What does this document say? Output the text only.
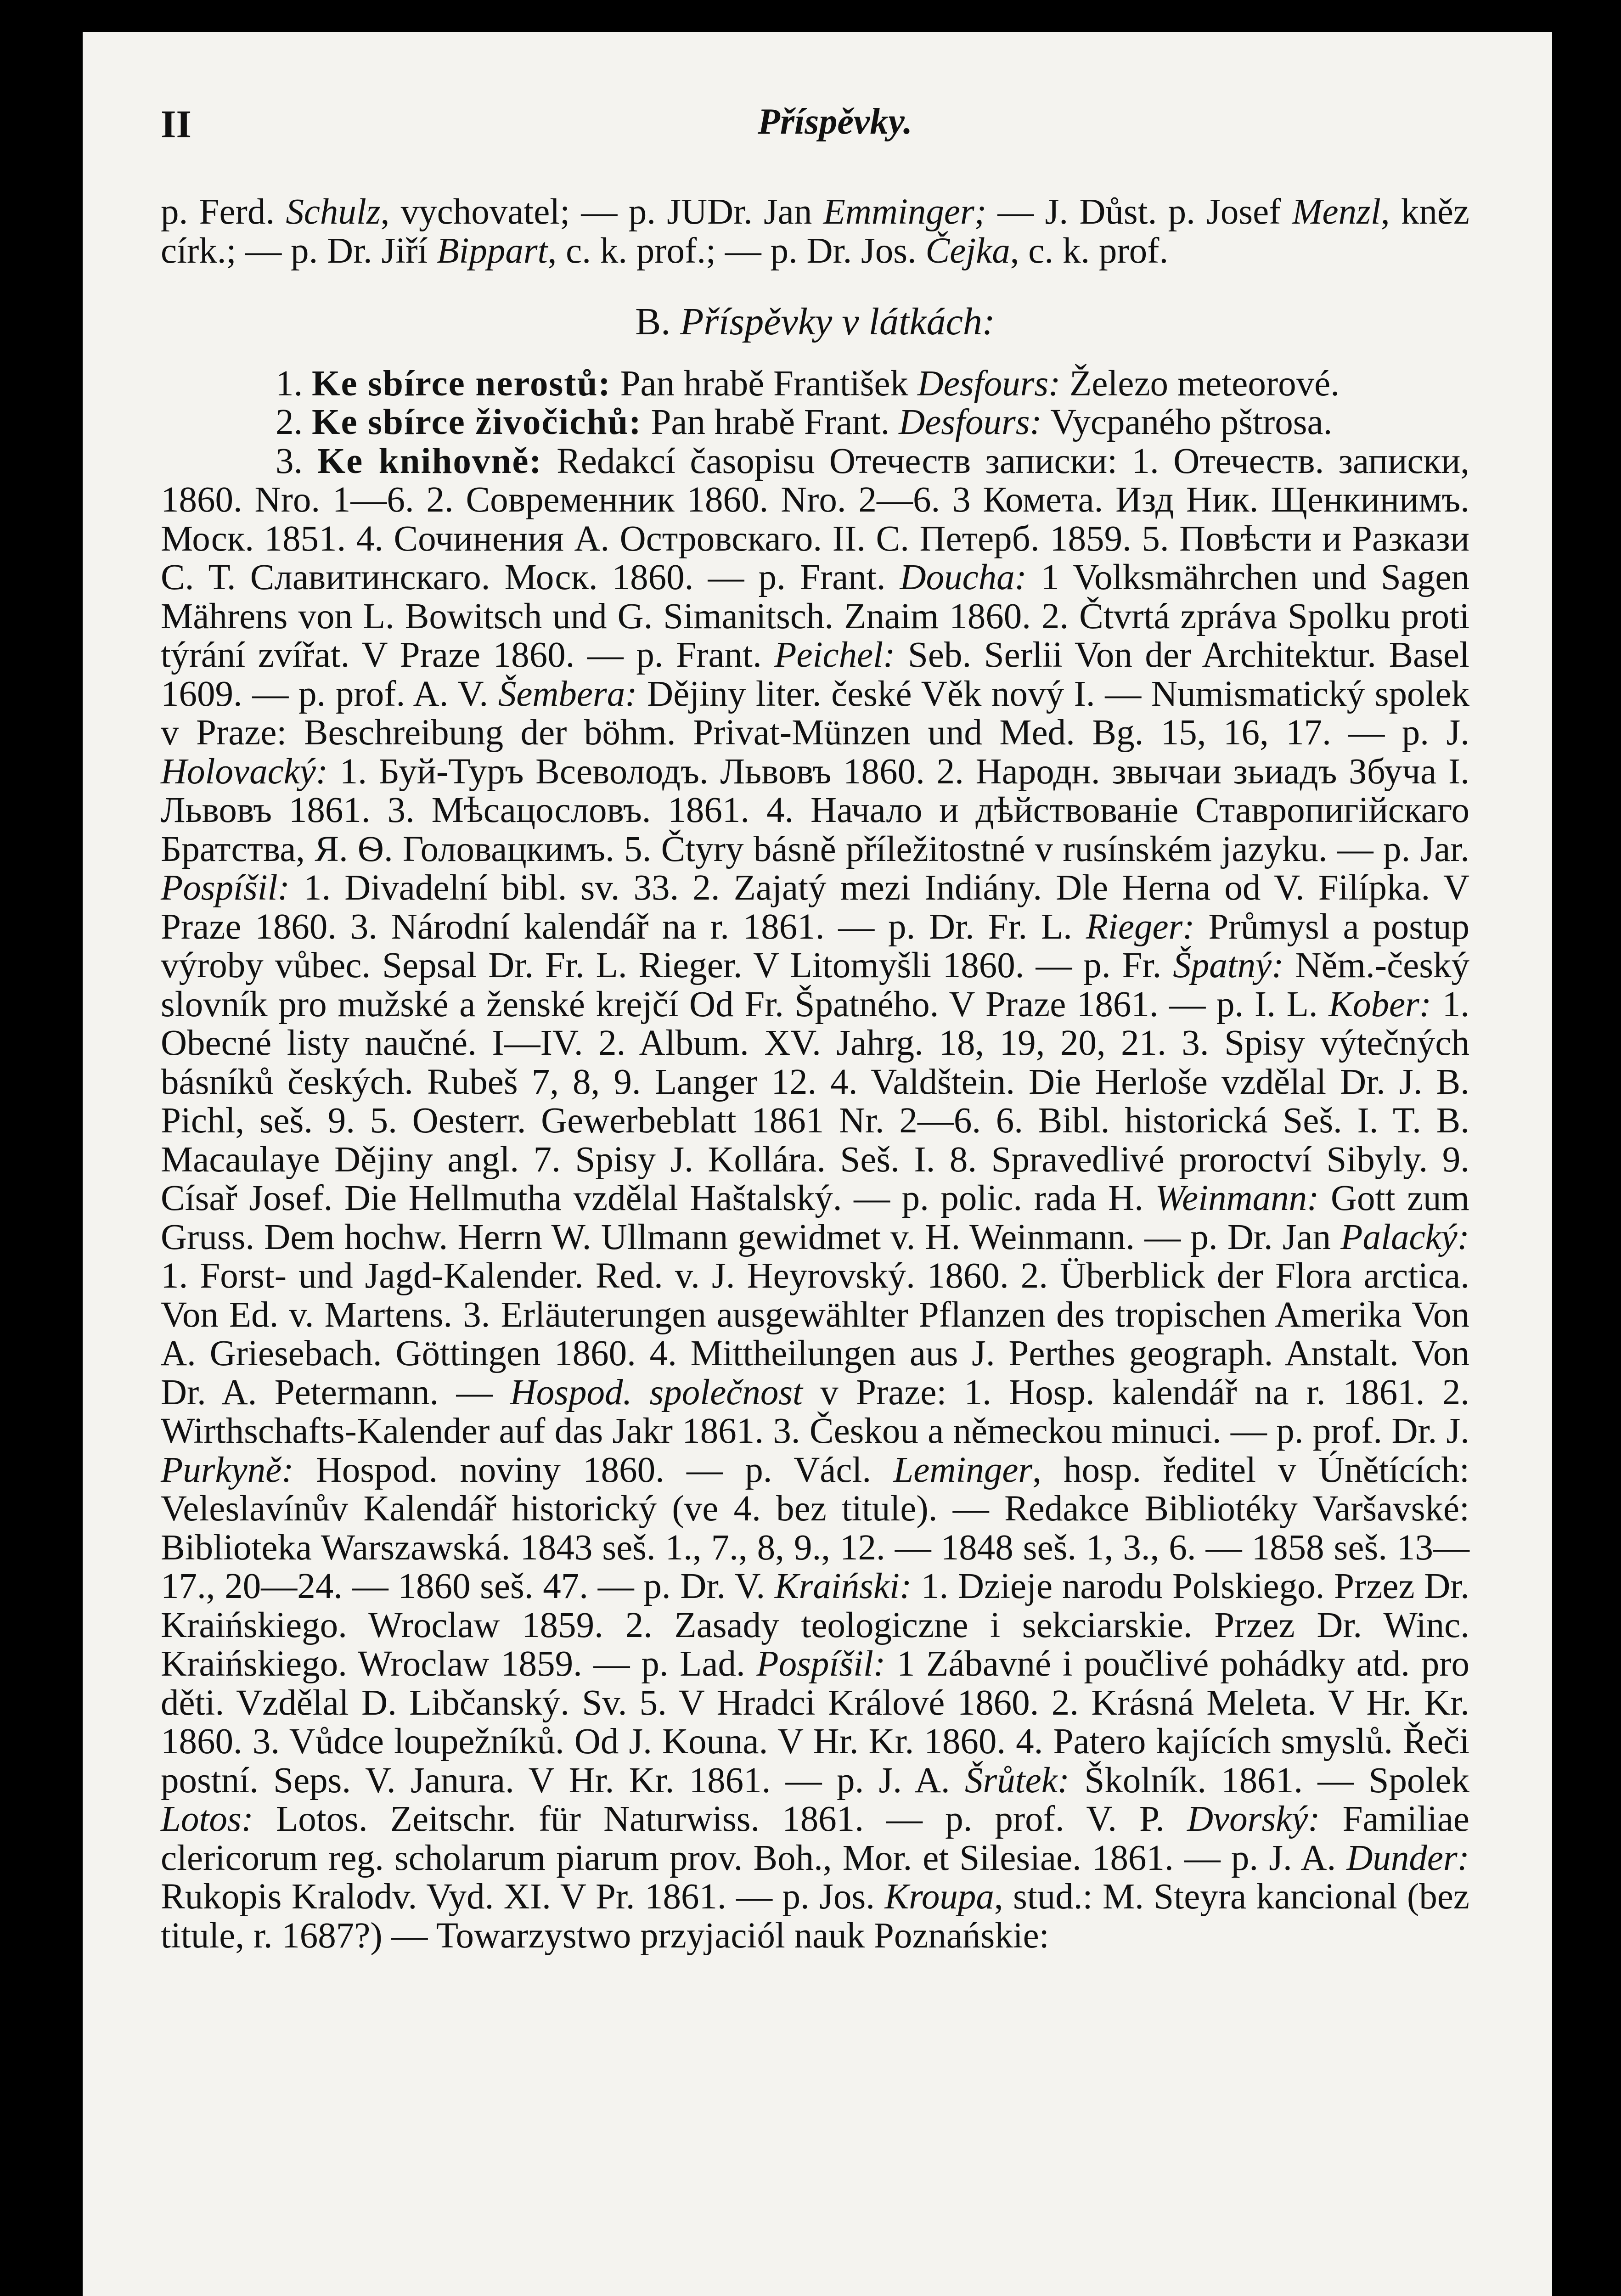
II	Příspěvky.

p. Ferd. Schulz, vychovatel; — p. JUDr. Jan Emminger; — J. Důst. p. Josef Menzl, kněz círk.; — p. Dr. Jiří Bippart, c. k. prof.; — p. Dr. Jos. Čejka, c. k. prof.

B. Příspěvky v látkách:

1. Ke sbírce nerostů: Pan hrabě František Desfours: Železo meteorové.

2. Ke sbírce živočichů: Pan hrabě Frant. Desfours: Vycpaného pštrosa.

3. Ke knihovně: Redakcí časopisu Отечеств записки: 1. Отечеств. записки, 1860. Nro. 1—6. 2. Современник 1860. Nro. 2—6. 3 Комета. Изд Ник. Щенкинимъ. Моск. 1851. 4. Сочинения А. Островскаго. II. С. Петерб. 1859. 5. Повѣсти и Разкази С. Т. Славитинскаго. Моск. 1860. — p. Frant. Doucha: 1 Volksmährchen und Sagen Mährens von L. Bowitsch und G. Simanitsch. Znaim 1860. 2. Čtvrtá zpráva Spolku proti týrání zvířat. V Praze 1860. — p. Frant. Peichel: Seb. Serlii Von der Architektur. Basel 1609. — p. prof. A. V. Šembera: Dějiny liter. české Věk nový I. — Numismatický spolek v Praze: Beschreibung der böhm. Privat-Münzen und Med. Bg. 15, 16, 17. — p. J. Holovacký: 1. Буй-Туръ Всеволодъ. Львовъ 1860. 2. Народн. звычаи зьиадъ Збуча I. Львовъ 1861. 3. Мѣсацословъ. 1861. 4. Начало и дѣйствованіе Ставропигійскаго Братства, Я. Ѳ. Головацкимъ. 5. Čtyry básně příležitostné v rusínském jazyku. — p. Jar. Pospíšil: 1. Divadelní bibl. sv. 33. 2. Zajatý mezi Indiány. Dle Herna od V. Filípka. V Praze 1860. 3. Národní kalendář na r. 1861. — p. Dr. Fr. L. Rieger: Průmysl a postup výroby vůbec. Sepsal Dr. Fr. L. Rieger. V Litomyšli 1860. — p. Fr. Špatný: Něm.-český slovník pro mužské a ženské krejčí Od Fr. Špatného. V Praze 1861. — p. I. L. Kober: 1. Obecné listy naučné. I—IV. 2. Album. XV. Jahrg. 18, 19, 20, 21. 3. Spisy výtečných básníků českých. Rubeš 7, 8, 9. Langer 12. 4. Valdštein. Die Herloše vzdělal Dr. J. B. Pichl, seš. 9. 5. Oesterr. Gewerbeblatt 1861 Nr. 2—6. 6. Bibl. historická Seš. I. T. B. Macaulaye Dějiny angl. 7. Spisy J. Kollára. Seš. I. 8. Spravedlivé proroctví Sibyly. 9. Císař Josef. Die Hellmutha vzdělal Haštalský. — p. polic. rada H. Weinmann: Gott zum Gruss. Dem hochw. Herrn W. Ullmann gewidmet v. H. Weinmann. — p. Dr. Jan Palacký: 1. Forst- und Jagd-Kalender. Red. v. J. Heyrovský. 1860. 2. Überblick der Flora arctica. Von Ed. v. Martens. 3. Erläuterungen ausgewählter Pflanzen des tropischen Amerika Von A. Griesebach. Göttingen 1860. 4. Mittheilungen aus J. Perthes geograph. Anstalt. Von Dr. A. Petermann. — Hospod. společnost v Praze: 1. Hosp. kalendář na r. 1861. 2. Wirthschafts-Kalender auf das Jakr 1861. 3. Českou a německou minuci. — p. prof. Dr. J. Purkyně: Hospod. noviny 1860. — p. Václ. Leminger, hosp. ředitel v Únětících: Veleslavínův Kalendář historický (ve 4. bez titule). — Redakce Bibliotéky Varšavské: Biblioteka Warszawská. 1843 seš. 1., 7., 8, 9., 12. — 1848 seš. 1, 3., 6. — 1858 seš. 13—17., 20—24. — 1860 seš. 47. — p. Dr. V. Kraiński: 1. Dzieje narodu Polskiego. Przez Dr. Kraińskiego. Wroclaw 1859. 2. Zasady teologiczne i sekciarskie. Przez Dr. Winc. Kraińskiego. Wroclaw 1859. — p. Lad. Pospíšil: 1 Zábavné i poučlivé pohádky atd. pro děti. Vzdělal D. Libčanský. Sv. 5. V Hradci Králové 1860. 2. Krásná Meleta. V Hr. Kr. 1860. 3. Vůdce loupežníků. Od J. Kouna. V Hr. Kr. 1860. 4. Patero kajících smyslů. Řeči postní. Seps. V. Janura. V Hr. Kr. 1861. — p. J. A. Šrůtek: Školník. 1861. — Spolek Lotos: Lotos. Zeitschr. für Naturwiss. 1861. — p. prof. V. P. Dvorský: Familiae clericorum reg. scholarum piarum prov. Boh., Mor. et Silesiae. 1861. — p. J. A. Dunder: Rukopis Kralodv. Vyd. XI. V Pr. 1861. — p. Jos. Kroupa, stud.: M. Steyra kancional (bez titule, r. 1687?) — Towarzystwo przyjaciól nauk Poznańskie:
